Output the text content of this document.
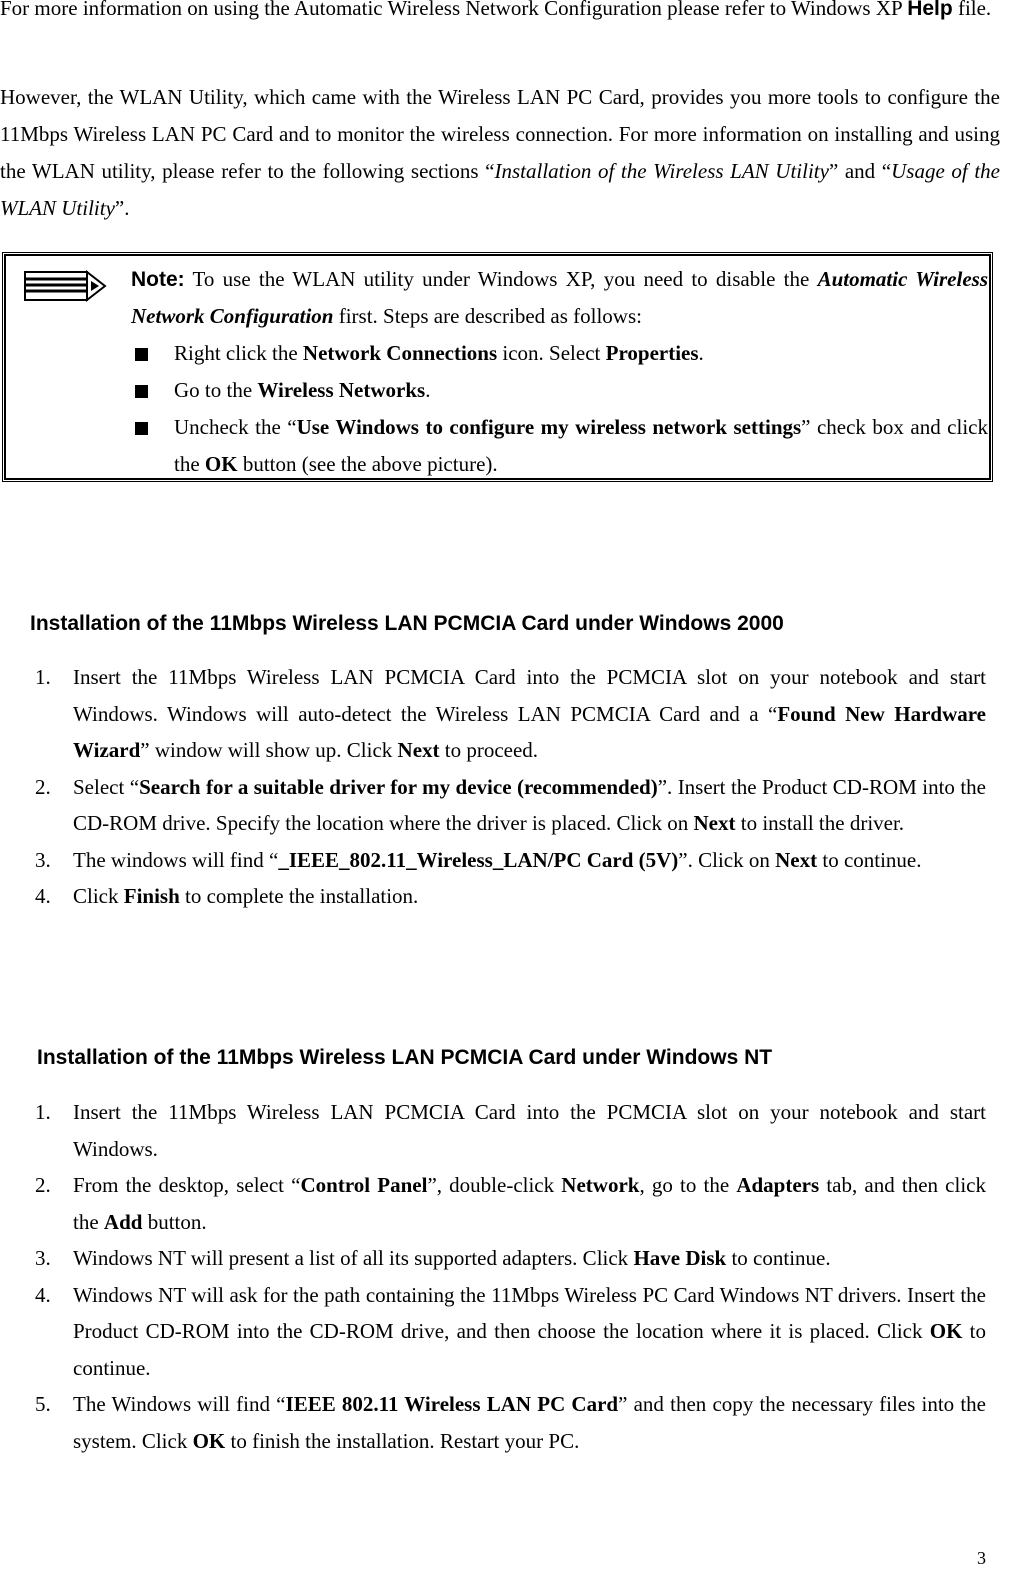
For more information on using the Automatic Wireless Network Configuration please refer to Windows XP Help file.

However, the WLAN Utility, which came with the Wireless LAN PC Card, provides you more tools to configure the 11Mbps Wireless LAN PC Card and to monitor the wireless connection. For more information on installing and using the WLAN utility, please refer to the following sections “Installation of the Wireless LAN Utility” and “Usage of the WLAN Utility”.

Note: To use the WLAN utility under Windows XP, you need to disable the Automatic Wireless Network Configuration first. Steps are described as follows:
Right click the Network Connections icon. Select Properties.
Go to the Wireless Networks.
Uncheck the “Use Windows to configure my wireless network settings” check box and click the OK button (see the above picture).
Installation of the 11Mbps Wireless LAN PCMCIA Card under Windows 2000
1. Insert the 11Mbps Wireless LAN PCMCIA Card into the PCMCIA slot on your notebook and start Windows. Windows will auto-detect the Wireless LAN PCMCIA Card and a “Found New Hardware Wizard” window will show up. Click Next to proceed.
2. Select “Search for a suitable driver for my device (recommended)”. Insert the Product CD-ROM into the CD-ROM drive. Specify the location where the driver is placed. Click on Next to install the driver.
3. The windows will find “_IEEE_802.11_Wireless_LAN/PC Card (5V)”. Click on Next to continue.
4. Click Finish to complete the installation.
Installation of the 11Mbps Wireless LAN PCMCIA Card under Windows NT
1. Insert the 11Mbps Wireless LAN PCMCIA Card into the PCMCIA slot on your notebook and start Windows.
2. From the desktop, select “Control Panel”, double-click Network, go to the Adapters tab, and then click the Add button.
3. Windows NT will present a list of all its supported adapters. Click Have Disk to continue.
4. Windows NT will ask for the path containing the 11Mbps Wireless PC Card Windows NT drivers. Insert the Product CD-ROM into the CD-ROM drive, and then choose the location where it is placed. Click OK to continue.
5. The Windows will find “IEEE 802.11 Wireless LAN PC Card” and then copy the necessary files into the system. Click OK to finish the installation. Restart your PC.
3
